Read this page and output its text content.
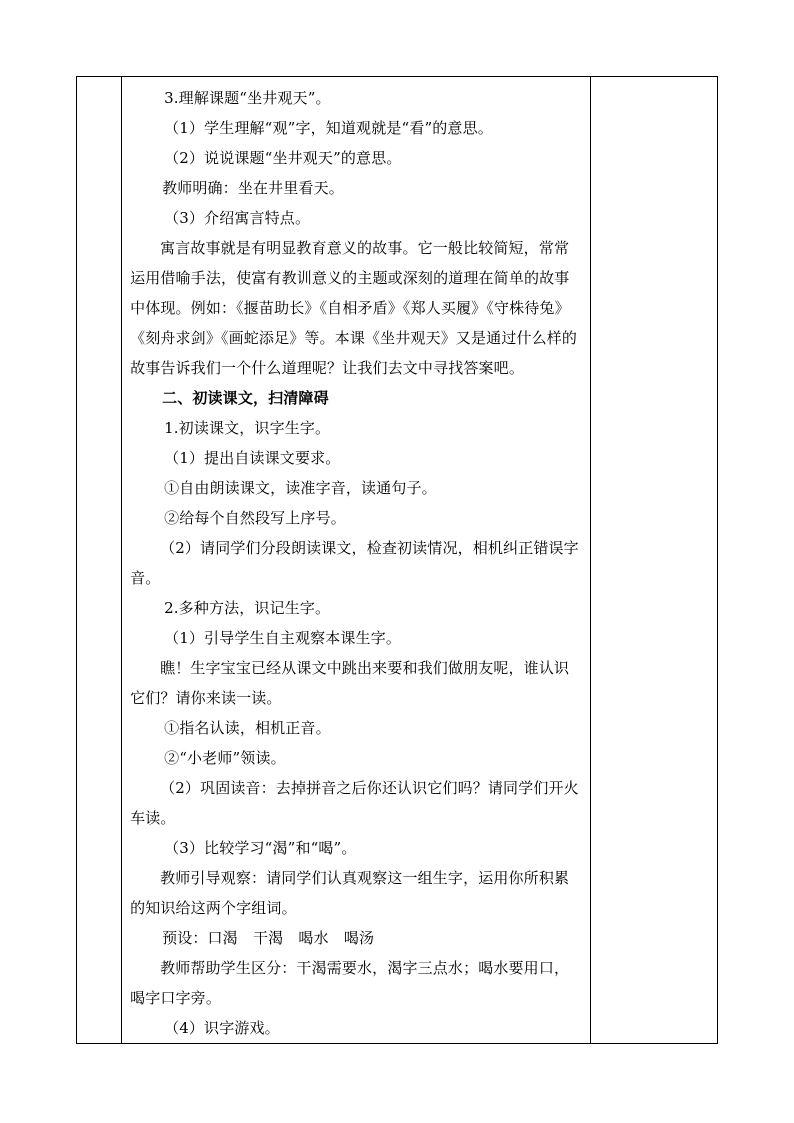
3.理解课题“坐井观天”。

（1）学生理解“观”字，知道观就是“看”的意思。

（2）说说课题“坐井观天”的意思。

教师明确：坐在井里看天。

（3）介绍寓言特点。

寓言故事就是有明显教育意义的故事。它一般比较简短，常常运用借喻手法，使富有教训意义的主题或深刻的道理在简单的故事中体现。例如：《揠苗助长》《自相矛盾》《郑人买履》《守株待兔》《刻舟求剑》《画蛇添足》等。本课《坐井观天》又是通过什么样的故事告诉我们一个什么道理呢？让我们去文中寻找答案吧。

二、初读课文，扫清障碍

1.初读课文，识字生字。

（1）提出自读课文要求。

①自由朗读课文，读准字音，读通句子。

②给每个自然段写上序号。

（2）请同学们分段朗读课文，检查初读情况，相机纠正错误字音。

2.多种方法，识记生字。

（1）引导学生自主观察本课生字。

瞧！生字宝宝已经从课文中跳出来要和我们做朋友呢，谁认识它们？请你来读一读。

①指名认读，相机正音。

②“小老师”领读。

（2）巩固读音：去掉拼音之后你还认识它们吗？请同学们开火车读。

（3）比较学习“渴”和“喝”。

教师引导观察：请同学们认真观察这一组生字，运用你所积累的知识给这两个字组词。

预设：口渴　干渴　喝水　喝汤

教师帮助学生区分：干渴需要水，渴字三点水；喝水要用口，喝字口字旁。

（4）识字游戏。
